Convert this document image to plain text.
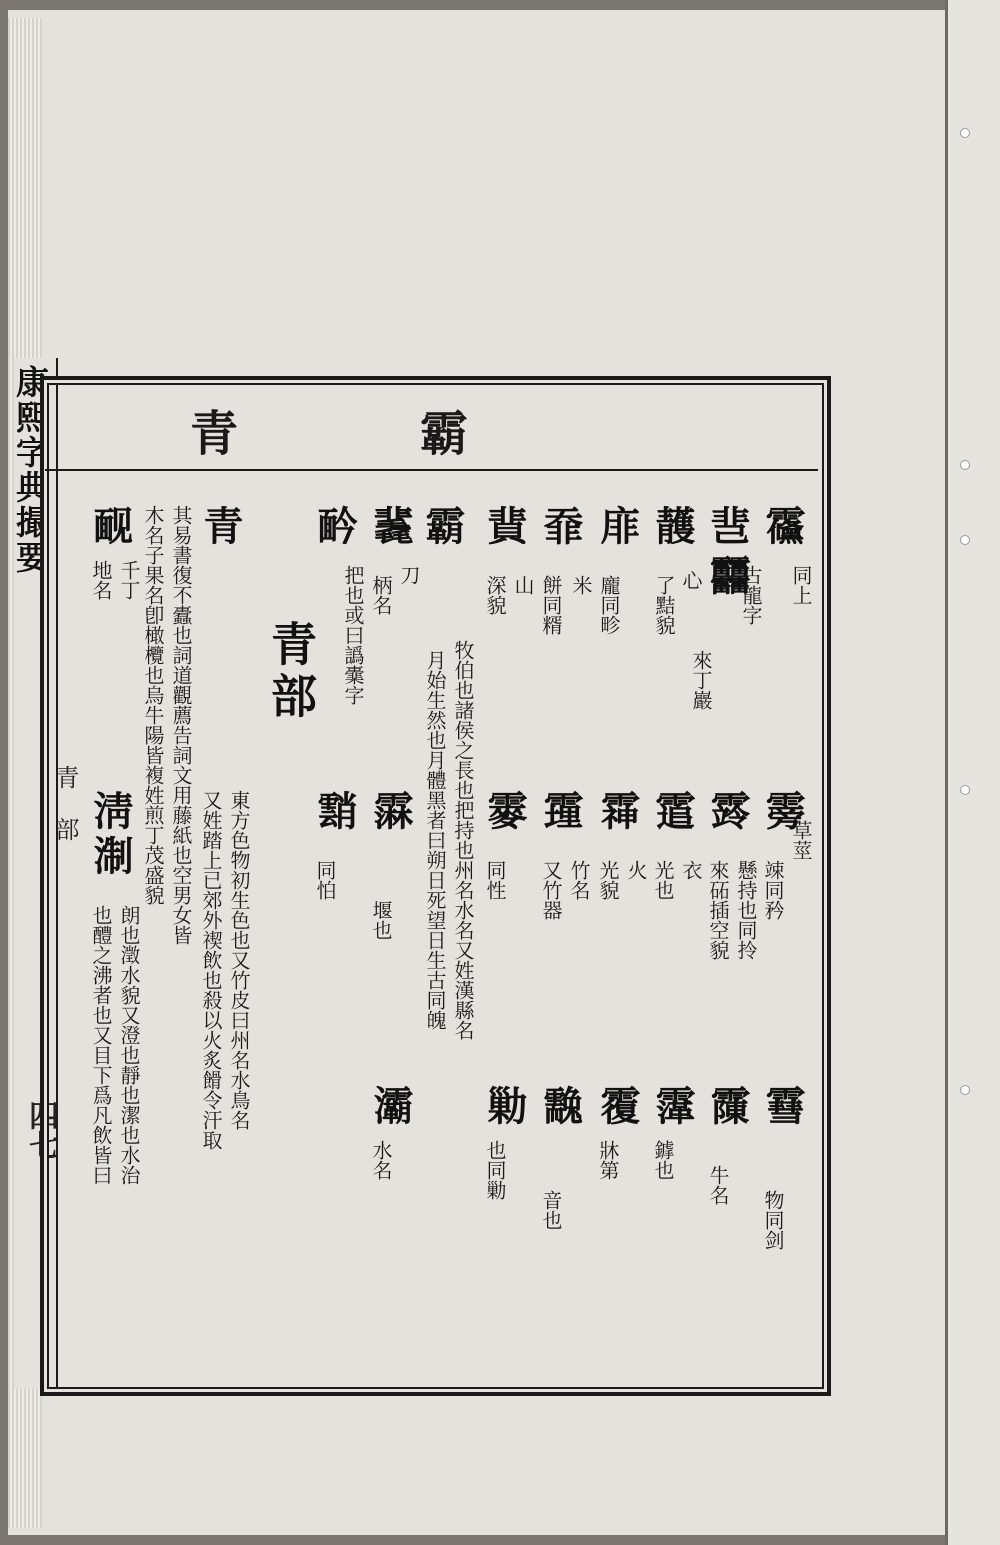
康熙字典撮要
青部
四七
霸
青
䨹
同上
䨽
古龍字
䨻
來丁巖
䨼
心
了黠貌
䨾
龐同畛
䨿
米
餅同糈
䩀
山
深貌
霸
牧伯也諸侯之長也把持也州名水名又姓漢縣名
月始生然也月體黑者曰朔日死望日生古同魄
䩁
刀
柄名
䩂
把也或曰譌㰆字
䨦
草莖
竦同矜
䨧
懸持也同拎
來砳插空貌
䨨
衣
光也
䨩
火
光貌
䨪
竹名
又竹器
䨫
同性
䨬
堰也
䨭
同怕
䨮
物同剑
牛名
䨯
䨰
鎼也
䨱
牀第
䨲
音也
勦
也同勦
灞
水名
青部
青
東方色物初生色也又竹皮曰州名水鳥名
又姓踏上已郊外禊飲也殺以火炙餶令汗取
其易書復不蠹也詞道觀薦告詞文用藤紙也空男女皆
木名子果名卽橄欖也烏牛陽皆複姓煎丁茂盛貌
䩄
千丁
地名
淸
淛
朗也澂水貌又澄也靜也潔也水治
也醴之沸者也又目下爲凡飲皆曰
